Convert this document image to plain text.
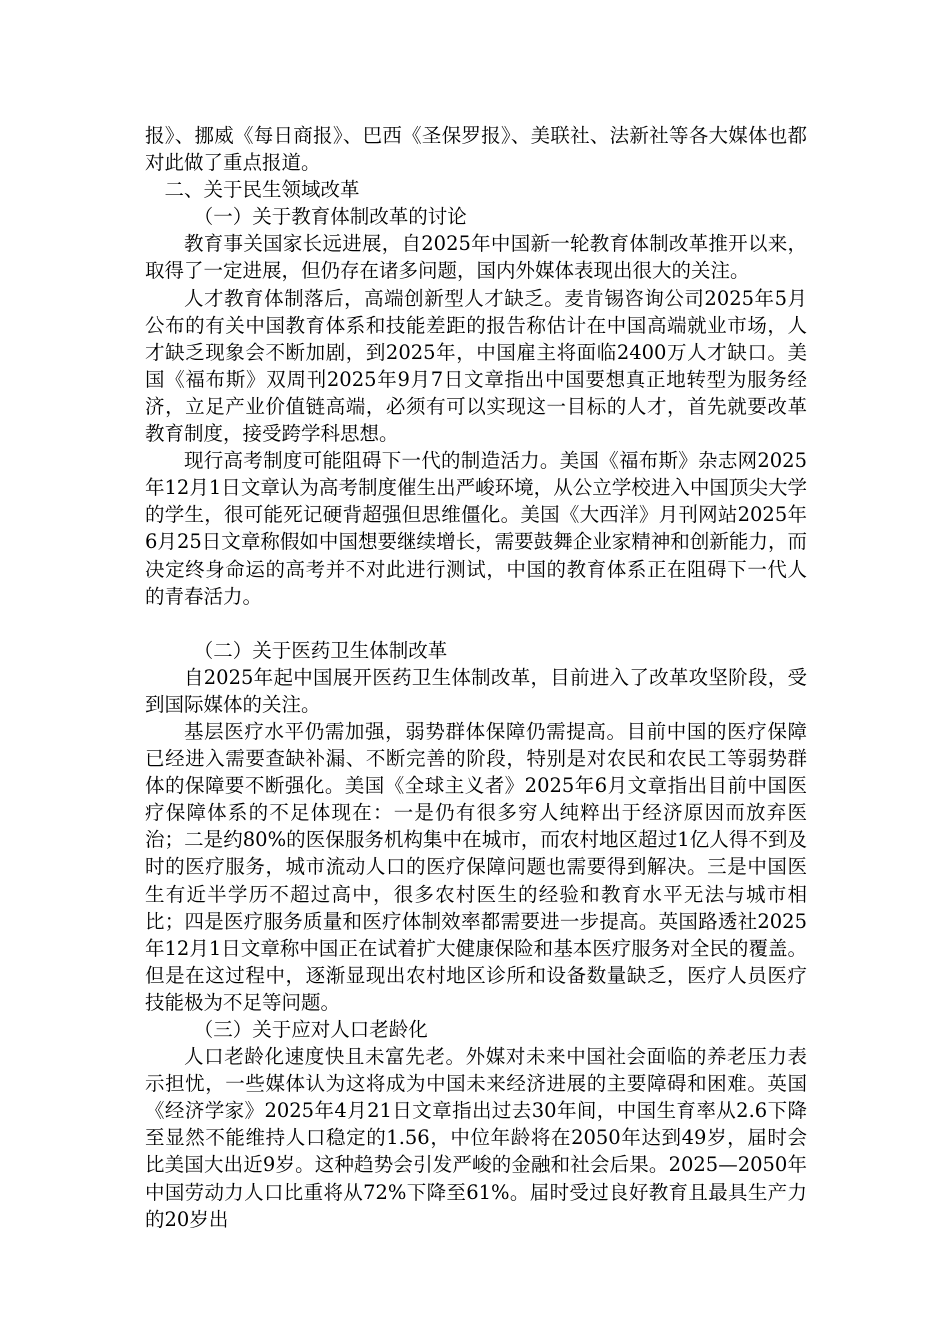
报》、挪威《每日商报》、巴西《圣保罗报》、美联社、法新社等各大媒体也都对此做了重点报道。

二、关于民生领域改革

（一）关于教育体制改革的讨论

教育事关国家长远进展，自2025年中国新一轮教育体制改革推开以来，取得了一定进展，但仍存在诸多问题，国内外媒体表现出很大的关注。

人才教育体制落后，高端创新型人才缺乏。麦肯锡咨询公司2025年5月公布的有关中国教育体系和技能差距的报告称估计在中国高端就业市场，人才缺乏现象会不断加剧，到2025年，中国雇主将面临2400万人才缺口。美国《福布斯》双周刊2025年9月7日文章指出中国要想真正地转型为服务经济，立足产业价值链高端，必须有可以实现这一目标的人才，首先就要改革教育制度，接受跨学科思想。

现行高考制度可能阻碍下一代的制造活力。美国《福布斯》杂志网2025年12月1日文章认为高考制度催生出严峻环境，从公立学校进入中国顶尖大学的学生，很可能死记硬背超强但思维僵化。美国《大西洋》月刊网站2025年6月25日文章称假如中国想要继续增长，需要鼓舞企业家精神和创新能力，而决定终身命运的高考并不对此进行测试，中国的教育体系正在阻碍下一代人的青春活力。

（二）关于医药卫生体制改革

自2025年起中国展开医药卫生体制改革，目前进入了改革攻坚阶段，受到国际媒体的关注。

基层医疗水平仍需加强，弱势群体保障仍需提高。目前中国的医疗保障已经进入需要查缺补漏、不断完善的阶段，特别是对农民和农民工等弱势群体的保障要不断强化。美国《全球主义者》2025年6月文章指出目前中国医疗保障体系的不足体现在：一是仍有很多穷人纯粹出于经济原因而放弃医治；二是约80%的医保服务机构集中在城市，而农村地区超过1亿人得不到及时的医疗服务，城市流动人口的医疗保障问题也需要得到解决。三是中国医生有近半学历不超过高中，很多农村医生的经验和教育水平无法与城市相比；四是医疗服务质量和医疗体制效率都需要进一步提高。英国路透社2025年12月1日文章称中国正在试着扩大健康保险和基本医疗服务对全民的覆盖。但是在这过程中，逐渐显现出农村地区诊所和设备数量缺乏，医疗人员医疗技能极为不足等问题。

（三）关于应对人口老龄化

人口老龄化速度快且未富先老。外媒对未来中国社会面临的养老压力表示担忧，一些媒体认为这将成为中国未来经济进展的主要障碍和困难。英国《经济学家》2025年4月21日文章指出过去30年间，中国生育率从2.6下降至显然不能维持人口稳定的1.56，中位年龄将在2050年达到49岁，届时会比美国大出近9岁。这种趋势会引发严峻的金融和社会后果。2025—2050年中国劳动力人口比重将从72%下降至61%。届时受过良好教育且最具生产力的20岁出
